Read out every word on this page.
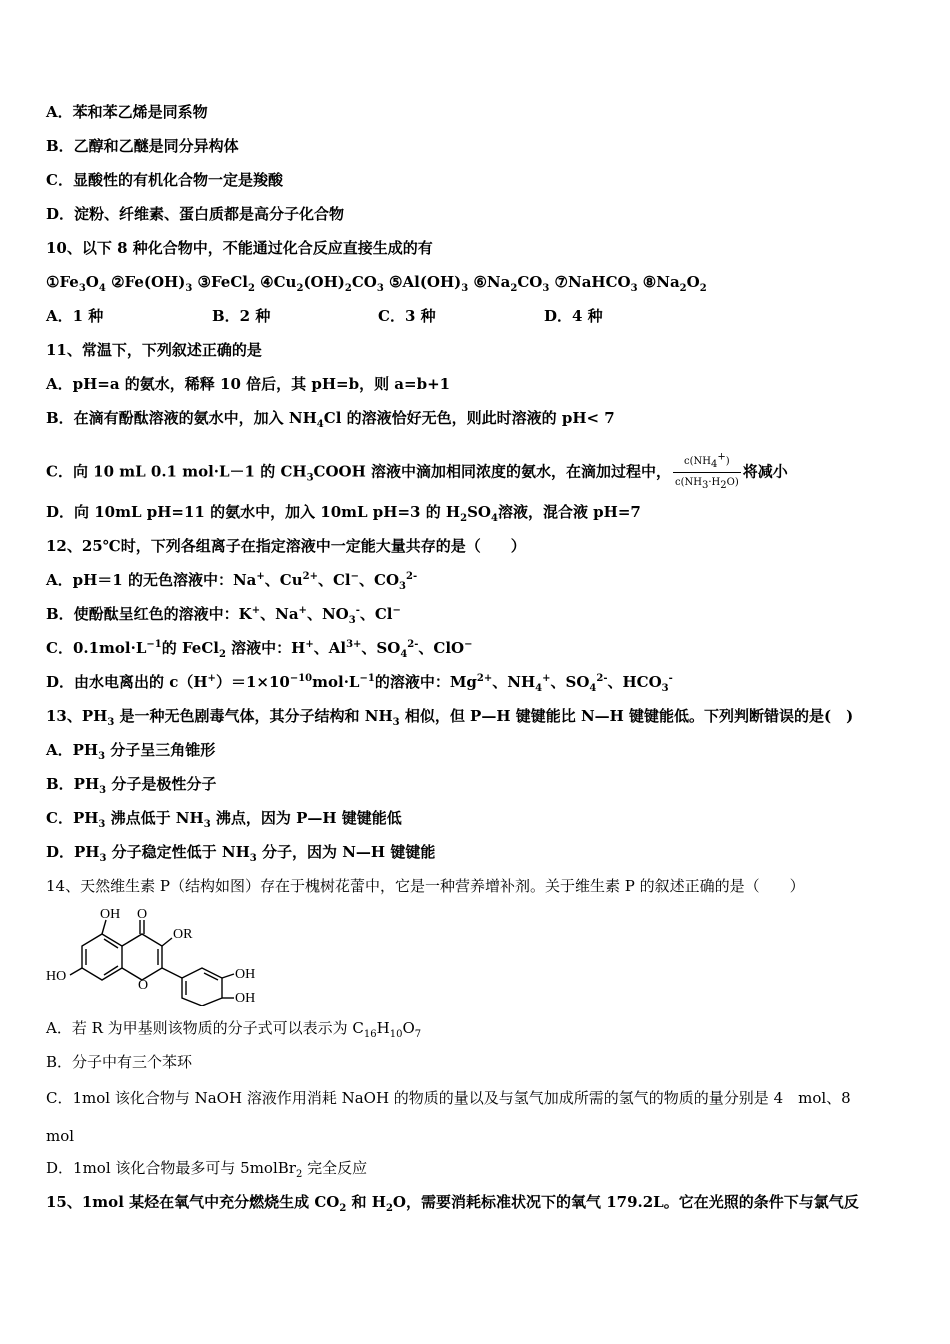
A．苯和苯乙烯是同系物
B．乙醇和乙醚是同分异构体
C．显酸性的有机化合物一定是羧酸
D．淀粉、纤维素、蛋白质都是高分子化合物
10、以下 8 种化合物中，不能通过化合反应直接生成的有
$①Fe_3O_4$ $②Fe(OH)_3$ ③FeCl$_2$ $④Cu_2(OH)_2CO_3$ $⑤Al(OH)_3$ $⑥Na_2CO_3$ ⑦NaHCO$_3$ $⑧Na_2O_2$
A．1 种	B．2 种	C．3 种	D．4 种
11、常温下，下列叙述正确的是
A．pH=a 的氨水，稀释 10 倍后，其 pH=b，则 a=b+1
B．在滴有酚酞溶液的氨水中，加入 $NH_4Cl$ 的溶液恰好无色，则此时溶液的 pH< 7
C．向 10 mL 0.1 mol·L－1 的 $CH_3COOH$ 溶液中滴加相同浓度的氨水，在滴加过程中， $\frac{c(NH_4^+)}{c(NH_3\cdot H_2O)}$ 将减小
D．向 10mL pH=11 的氨水中，加入 10mL pH=3 的 $H_2SO_4$溶液，混合液 pH=7
12、25℃时，下列各组离子在指定溶液中一定能大量共存的是（　　）
A．pH＝1 的无色溶液中：Na+、$Cu^{2+}$、Cl−、$CO_3^{2-}$
B．使酚酞呈红色的溶液中：K+、Na+、$NO_3^-$、Cl−
C．$0.1mol\cdot L^{-1}$的 FeCl$_2$ 溶液中：H+、$Al^{3+}$、$SO_4^{2-}$、ClO−
D．由水电离出的 $c(H^+)=1\times 10^{-10}mol\cdot L^{-1}$的溶液中：$Mg^{2+}$、$NH_4^+$、$SO_4^{2-}$、$HCO_3^-$
13、$PH_3$ 是一种无色剧毒气体，其分子结构和 $NH_3$ 相似，但 P—H 键键能比 N—H 键键能低。下列判断错误的是(　)
A．$PH_3$ 分子呈三角锥形
B．$PH_3$ 分子是极性分子
C．$PH_3$ 沸点低于 $NH_3$ 沸点，因为 P—H 键键能低
D．$PH_3$ 分子稳定性低于 $NH_3$ 分子，因为 N—H 键键能
14、天然维生素 P（结构如图）存在于槐树花蕾中，它是一种营养增补剂。关于维生素 P 的叙述正确的是（　　）
OH O
OR
HO
O
OH
OH
A．若 R 为甲基则该物质的分子式可以表示为 $C_{16}H_{10}O_7$
B．分子中有三个苯环
C．1mol 该化合物与 NaOH 溶液作用消耗 NaOH 的物质的量以及与氢气加成所需的氢气的物质的量分别是 4　mol、8
mol
D．1mol 该化合物最多可与 5molBr$_2$ 完全反应
15、1mol 某烃在氧气中充分燃烧生成 $CO_2$ 和 $H_2O$，需要消耗标准状况下的氧气 179.2L。它在光照的条件下与氯气反
